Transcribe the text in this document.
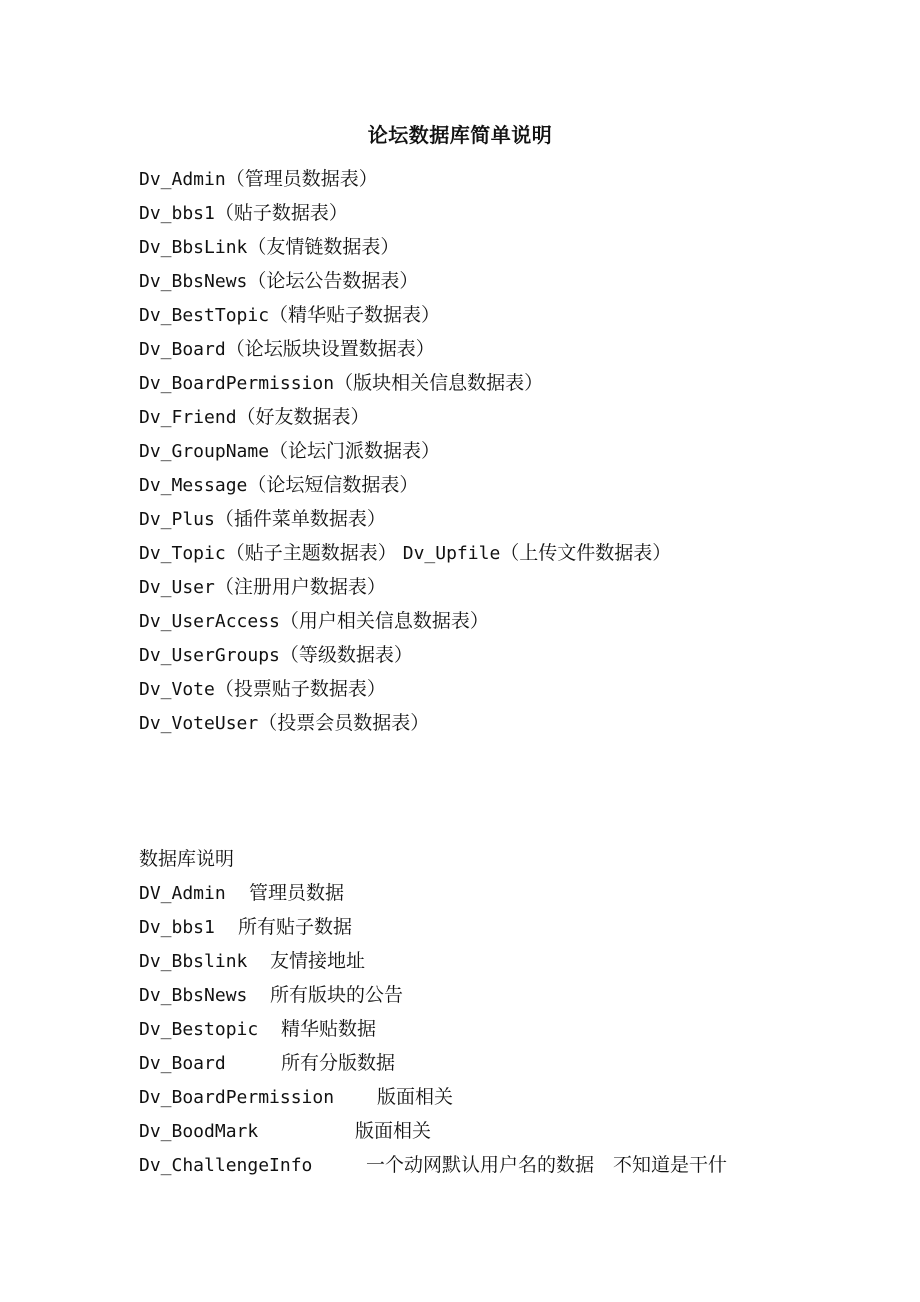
论坛数据库简单说明
Dv_Admin（管理员数据表）
Dv_bbs1（贴子数据表）
Dv_BbsLink（友情链数据表）
Dv_BbsNews（论坛公告数据表）
Dv_BestTopic（精华贴子数据表）
Dv_Board（论坛版块设置数据表）
Dv_BoardPermission（版块相关信息数据表）
Dv_Friend（好友数据表）
Dv_GroupName（论坛门派数据表）
Dv_Message（论坛短信数据表）
Dv_Plus（插件菜单数据表）
Dv_Topic（贴子主题数据表） Dv_Upfile（上传文件数据表）
Dv_User（注册用户数据表）
Dv_UserAccess（用户相关信息数据表）
Dv_UserGroups（等级数据表）
Dv_Vote（投票贴子数据表）
Dv_VoteUser（投票会员数据表）
数据库说明
DV_Admin 管理员数据
Dv_bbs1 所有贴子数据
Dv_Bbslink 友情接地址
Dv_BbsNews 所有版块的公告
Dv_Bestopic 精华贴数据
Dv_Board	所有分版数据
Dv_BoardPermission 版面相关
Dv_BoodMark	版面相关
Dv_ChallengeInfo	一个动网默认用户名的数据　不知道是干什
